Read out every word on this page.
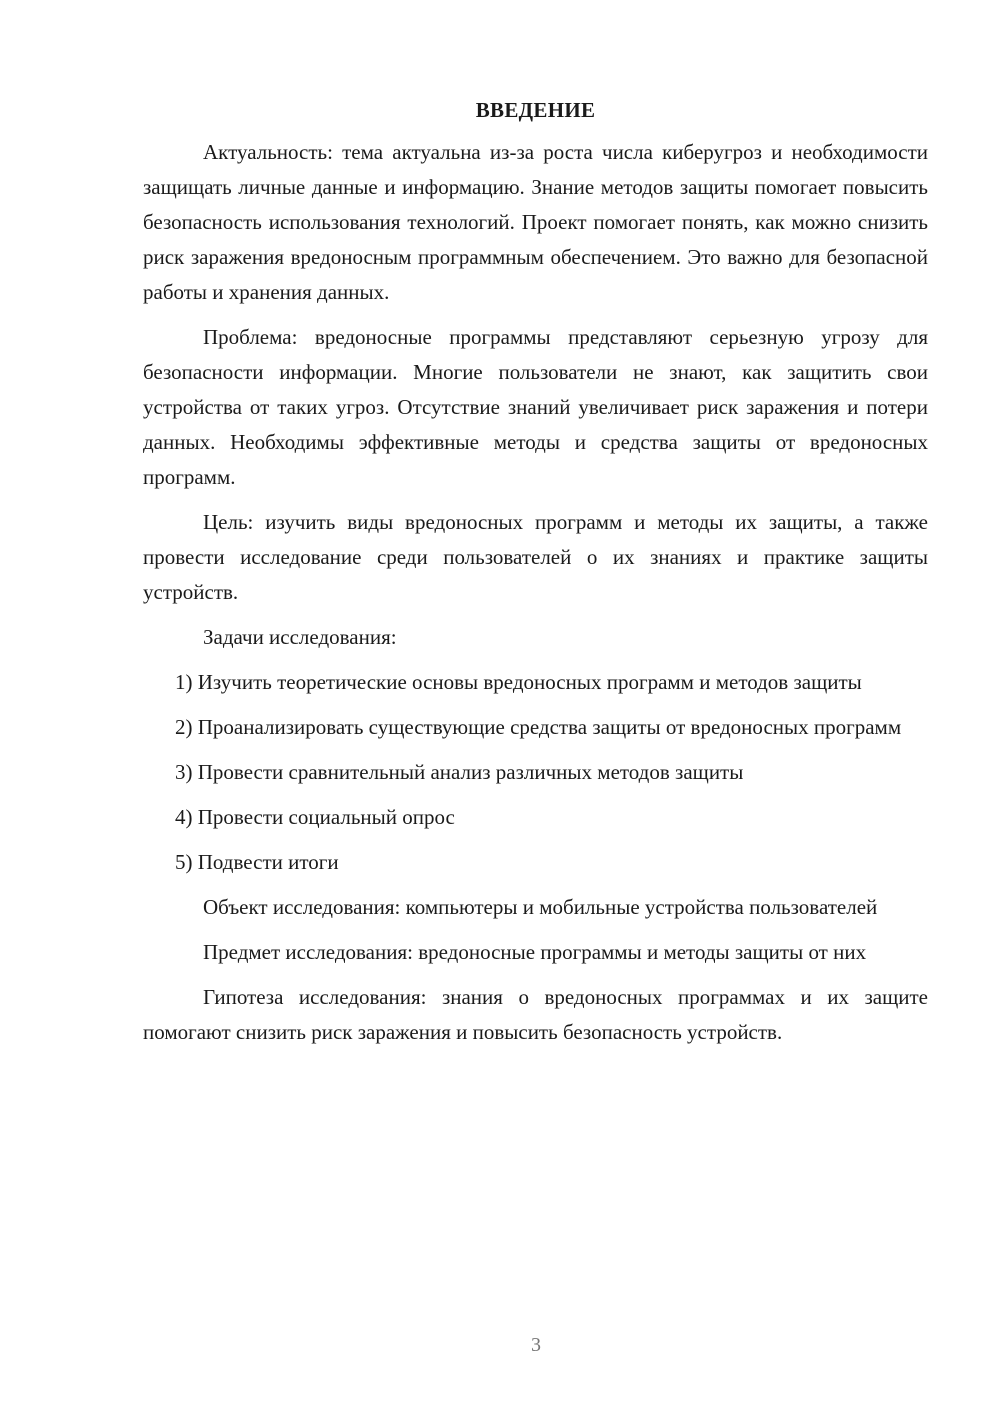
ВВЕДЕНИЕ

Актуальность: тема актуальна из-за роста числа киберугроз и необходимости защищать личные данные и информацию. Знание методов защиты помогает повысить безопасность использования технологий. Проект помогает понять, как можно снизить риск заражения вредоносным программным обеспечением. Это важно для безопасной работы и хранения данных.

Проблема: вредоносные программы представляют серьезную угрозу для безопасности информации. Многие пользователи не знают, как защитить свои устройства от таких угроз. Отсутствие знаний увеличивает риск заражения и потери данных. Необходимы эффективные методы и средства защиты от вредоносных программ.

Цель: изучить виды вредоносных программ и методы их защиты, а также провести исследование среди пользователей о их знаниях и практике защиты устройств.

Задачи исследования:

1) Изучить теоретические основы вредоносных программ и методов защиты

2) Проанализировать существующие средства защиты от вредоносных программ

3) Провести сравнительный анализ различных методов защиты

4) Провести социальный опрос

5) Подвести итоги

Объект исследования: компьютеры и мобильные устройства пользователей

Предмет исследования: вредоносные программы и методы защиты от них

Гипотеза исследования: знания о вредоносных программах и их защите помогают снизить риск заражения и повысить безопасность устройств.

3
